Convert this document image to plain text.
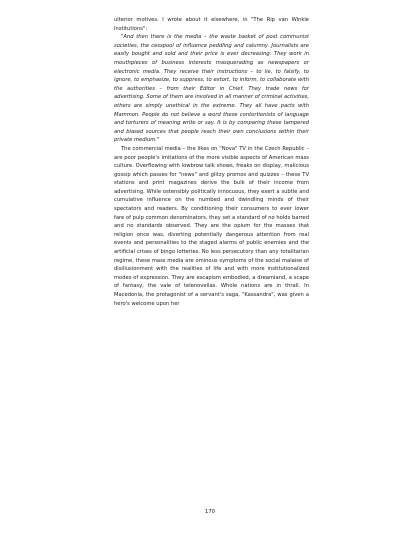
ulterior motives. I wrote about it elsewhere, in "The Rip van Winkle Institutions":

"And then there is the media – the waste basket of post communist societies, the cesspool of influence peddling and calumny. Journalists are easily bought and sold and their price is ever decreasing. They work in mouthpieces of business interests masquerading as newspapers or electronic media. They receive their instructions – to lie, to falsify, to ignore, to emphasize, to suppress, to extort, to inform, to collaborate with the authorities – from their Editor in Chief. They trade news for advertising. Some of them are involved in all manner of criminal activities, others are simply unethical in the extreme. They all have pacts with Mammon. People do not believe a word these contortionists of language and torturers of meaning write or say. It is by comparing these tampered and biased sources that people reach their own conclusions within their private medium."

The commercial media – the likes on "Nova" TV in the Czech Republic – are poor people's imitations of the more visible aspects of American mass culture. Overflowing with lowbrow talk shows, freaks on display, malicious gossip which passes for "news" and glitzy promos and quizzes – these TV stations and print magazines derive the bulk of their income from advertising. While ostensibly politically innocuous, they exert a subtle and cumulative influence on the numbed and dwindling minds of their spectators and readers. By conditioning their consumers to ever lower fare of pulp common denominators, they set a standard of no holds barred and no standards observed. They are the opium for the masses that religion once was, diverting potentially dangerous attention from real events and personalities to the staged alarms of public enemies and the artificial crises of bingo lotteries. No less persecutory than any totalitarian regime, these mass media are ominous symptoms of the social malaise of disillusionment with the realities of life and with more institutionalized modes of expression. They are escapism embodied, a dreamland, a scape of fantasy, the vale of telenovellas. Whole nations are in thrall. In Macedonia, the protagonist of a servant's saga, "Kassandra", was given a hero's welcome upon her

170
